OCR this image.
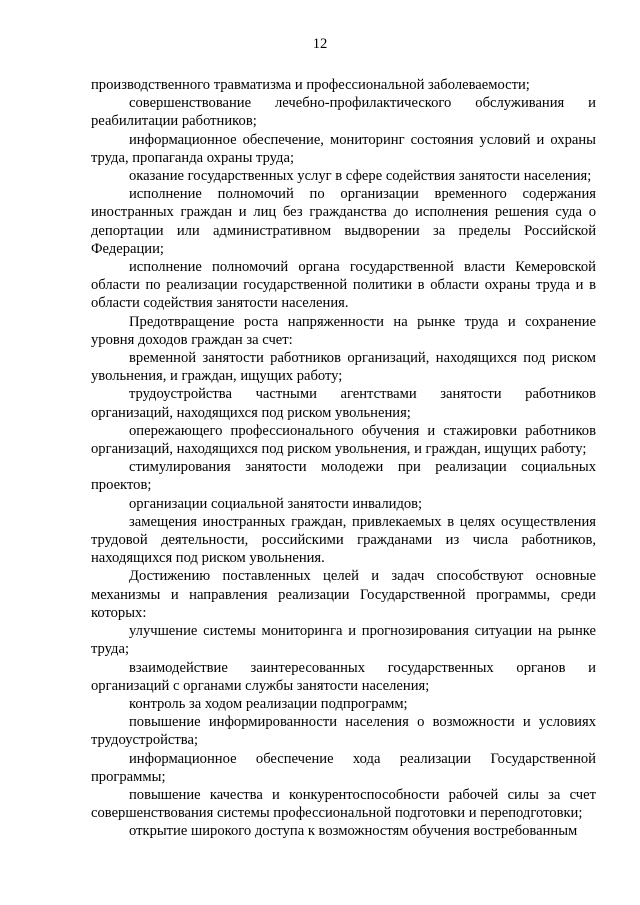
12

производственного травматизма и профессиональной заболеваемости;

совершенствование лечебно-профилактического обслуживания и реабилитации работников;

информационное обеспечение, мониторинг состояния условий и охраны труда, пропаганда охраны труда;

оказание государственных услуг в сфере содействия занятости населения;

исполнение полномочий по организации временного содержания иностранных граждан и лиц без гражданства до исполнения решения суда о депортации или административном выдворении за пределы Российской Федерации;

исполнение полномочий органа государственной власти Кемеровской области по реализации государственной политики в области охраны труда и в области содействия занятости населения.

Предотвращение роста напряженности на рынке труда и сохранение уровня доходов граждан за счет:

временной занятости работников организаций, находящихся под риском увольнения, и граждан, ищущих работу;

трудоустройства частными агентствами занятости работников организаций, находящихся под риском увольнения;

опережающего профессионального обучения и стажировки работников организаций, находящихся под риском увольнения, и граждан, ищущих работу;

стимулирования занятости молодежи при реализации социальных проектов;

организации социальной занятости инвалидов;

замещения иностранных граждан, привлекаемых в целях осуществления трудовой деятельности, российскими гражданами из числа работников, находящихся под риском увольнения.

Достижению поставленных целей и задач способствуют основные механизмы и направления реализации Государственной программы, среди которых:

улучшение системы мониторинга и прогнозирования ситуации на рынке труда;

взаимодействие заинтересованных государственных органов и организаций с органами службы занятости населения;

контроль за ходом реализации подпрограмм;

повышение информированности населения о возможности и условиях трудоустройства;

информационное обеспечение хода реализации Государственной программы;

повышение качества и конкурентоспособности рабочей силы за счет совершенствования системы профессиональной подготовки и переподготовки;

открытие широкого доступа к возможностям обучения востребованным
